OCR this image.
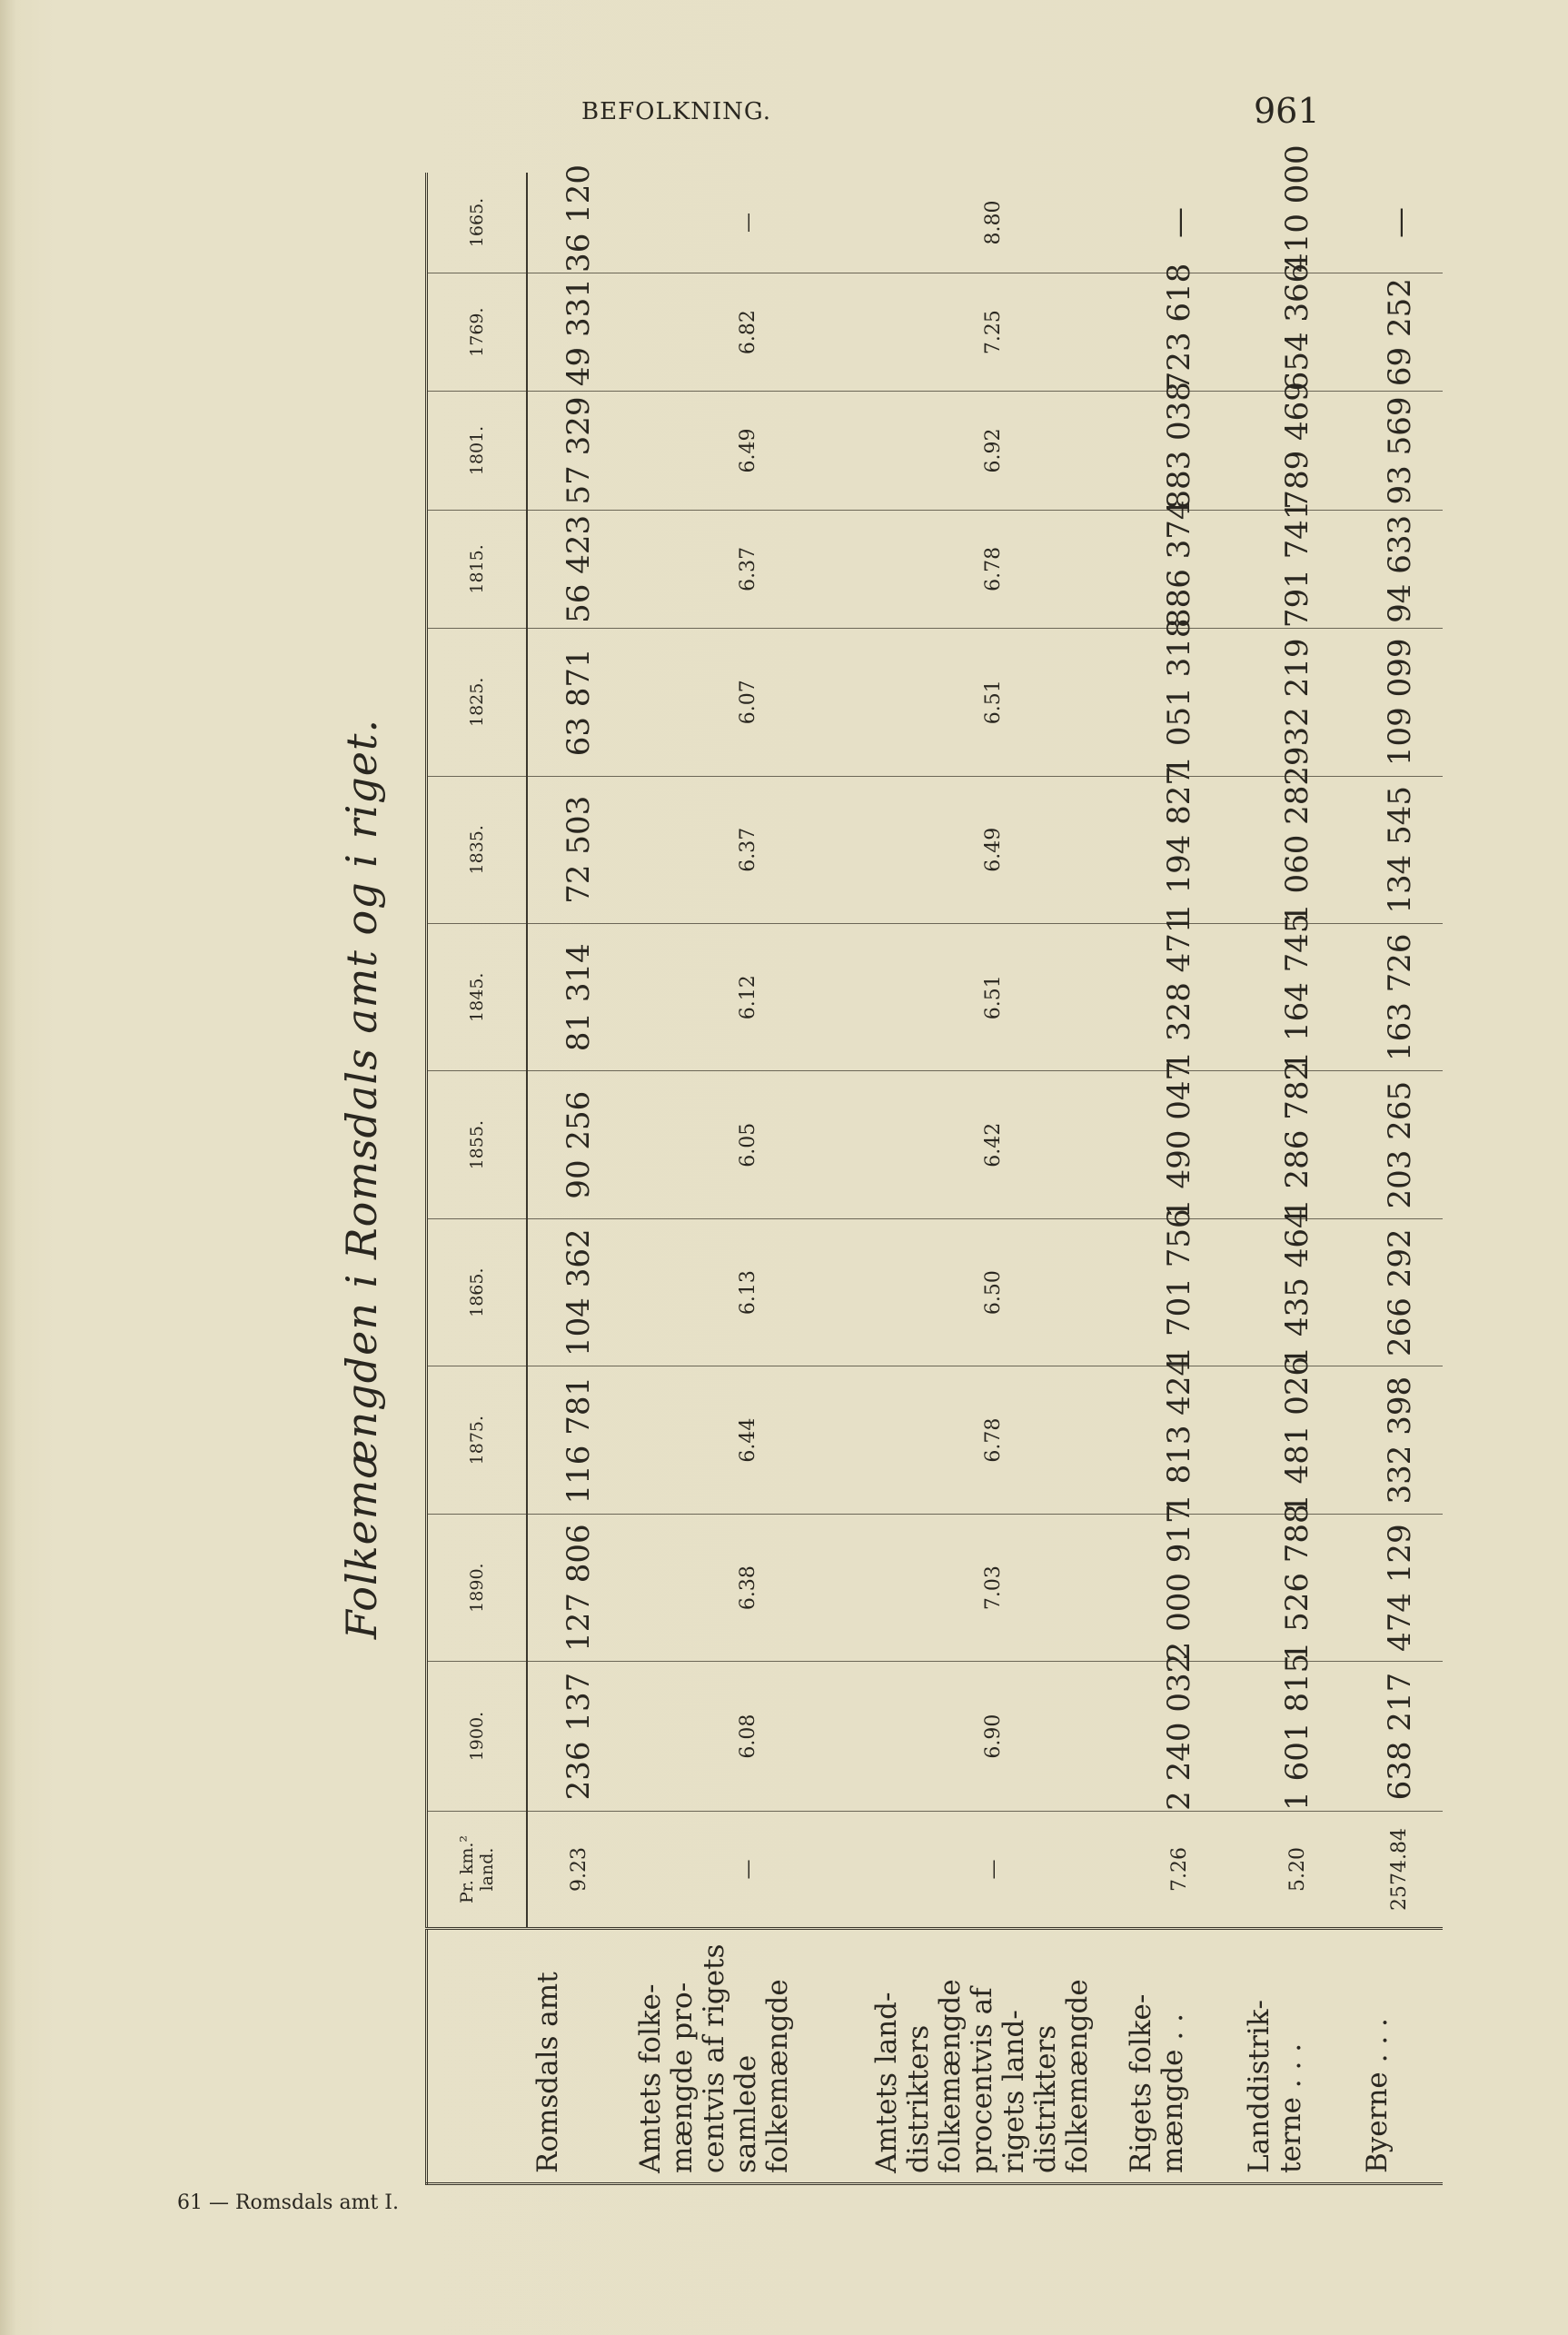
BEFOLKNING.	961
Folkemængden i Romsdals amt og i riget.
	Pr. km.² land.	1900.	1890.	1875.	1865.	1855.	1845.	1835.	1825.	1815.	1801.	1769.	1665.
Romsdals amt	9.23	236 137	127 806	116 781	104 362	90 256	81 314	72 503	63 871	56 423	57 329	49 331	36 120
Amtets folkemængde procentvis af rigets samlede folkemængde	—	6.08	6.38	6.44	6.13	6.05	6.12	6.37	6.07	6.37	6.49	6.82	—
Amtets landdistrikters folkemængde procentvis af rigets landdistrikters folkemængde	—	6.90	7.03	6.78	6.50	6.42	6.51	6.49	6.51	6.78	6.92	7.25	8.80
Rigets folkemængde . .	7.26	2 240 032	2 000 917	1 813 424	1 701 756	1 490 047	1 328 471	1 194 827	1 051 318	886 374	883 038	723 618	—
Landdistrikterne . . .	5.20	1 601 815	1 526 788	1 481 026	1 435 464	1 286 782	1 164 745	1 060 282	932 219	791 741	789 469	654 366	410 000
Byerne . . .	2574.84	638 217	474 129	332 398	266 292	203 265	163 726	134 545	109 099	94 633	93 569	69 252	—
61 — Romsdals amt I.
